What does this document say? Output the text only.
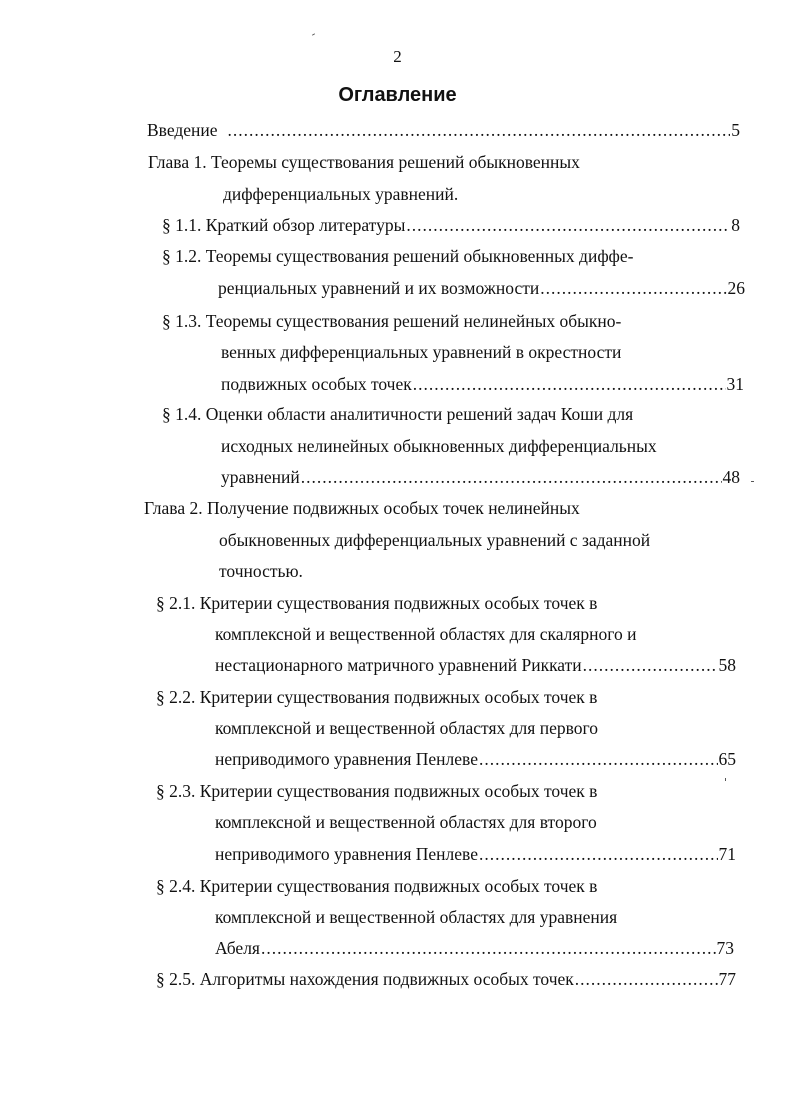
2
Оглавление
Введение .....	5
Глава 1. Теоремы существования решений обыкновенных
дифференциальных уравнений.
§ 1.1. Краткий обзор литературы .....	8
§ 1.2. Теоремы существования решений обыкновенных диффе-
ренциальных уравнений и их возможности .....	26
§ 1.3. Теоремы существования решений нелинейных обыкно-
венных дифференциальных уравнений в окрестности
подвижных особых точек .....	31
§ 1.4. Оценки области аналитичности решений задач Коши для
исходных нелинейных обыкновенных дифференциальных
уравнений .....	48
Глава 2. Получение подвижных особых точек нелинейных
обыкновенных дифференциальных уравнений с заданной
точностью.
§ 2.1. Критерии существования подвижных особых точек в
комплексной и вещественной областях для скалярного и
нестационарного матричного уравнений Риккати .....	58
§ 2.2. Критерии существования подвижных особых точек в
комплексной и вещественной областях для первого
неприводимого уравнения Пенлеве .....	65
§ 2.3. Критерии существования подвижных особых точек в
комплексной и вещественной областях для второго
неприводимого уравнения Пенлеве .....	71
§ 2.4. Критерии существования подвижных особых точек в
комплексной и вещественной областях для уравнения
Абеля .....	73
§ 2.5. Алгоритмы нахождения подвижных особых точек .....	77
